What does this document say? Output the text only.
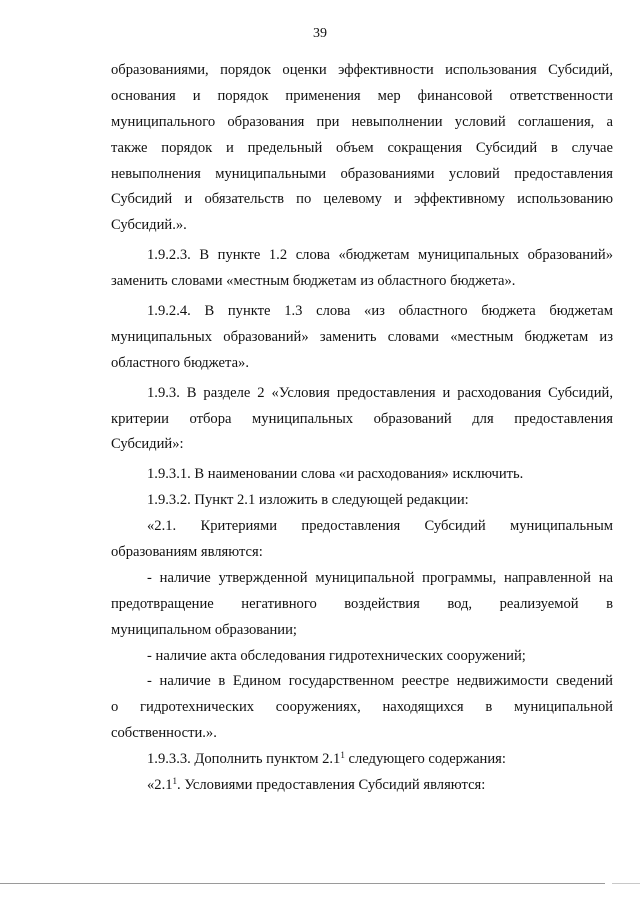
39
образованиями, порядок оценки эффективности использования Субсидий,
основания и порядок применения мер финансовой ответственности
муниципального образования при невыполнении условий соглашения, а
также порядок и предельный объем сокращения Субсидий в случае
невыполнения муниципальными образованиями условий предоставления
Субсидий и обязательств по целевому и эффективному использованию
Субсидий.».
1.9.2.3. В пункте 1.2 слова «бюджетам муниципальных образований»
заменить словами «местным бюджетам из областного бюджета».
1.9.2.4. В пункте 1.3 слова «из областного бюджета бюджетам
муниципальных образований» заменить словами «местным бюджетам из
областного бюджета».
1.9.3. В разделе 2 «Условия предоставления и расходования Субсидий,
критерии отбора муниципальных образований для предоставления
Субсидий»:
1.9.3.1. В наименовании слова «и расходования» исключить.
1.9.3.2. Пункт 2.1 изложить в следующей редакции:
«2.1. Критериями предоставления Субсидий муниципальным
образованиям являются:
- наличие утвержденной муниципальной программы, направленной на
предотвращение негативного воздействия вод, реализуемой в
муниципальном образовании;
- наличие акта обследования гидротехнических сооружений;
- наличие в Едином государственном реестре недвижимости сведений
о гидротехнических сооружениях, находящихся в муниципальной
собственности.».
1.9.3.3. Дополнить пунктом $2.1^1$ следующего содержания:
«$2.1^1$. Условиями предоставления Субсидий являются:
